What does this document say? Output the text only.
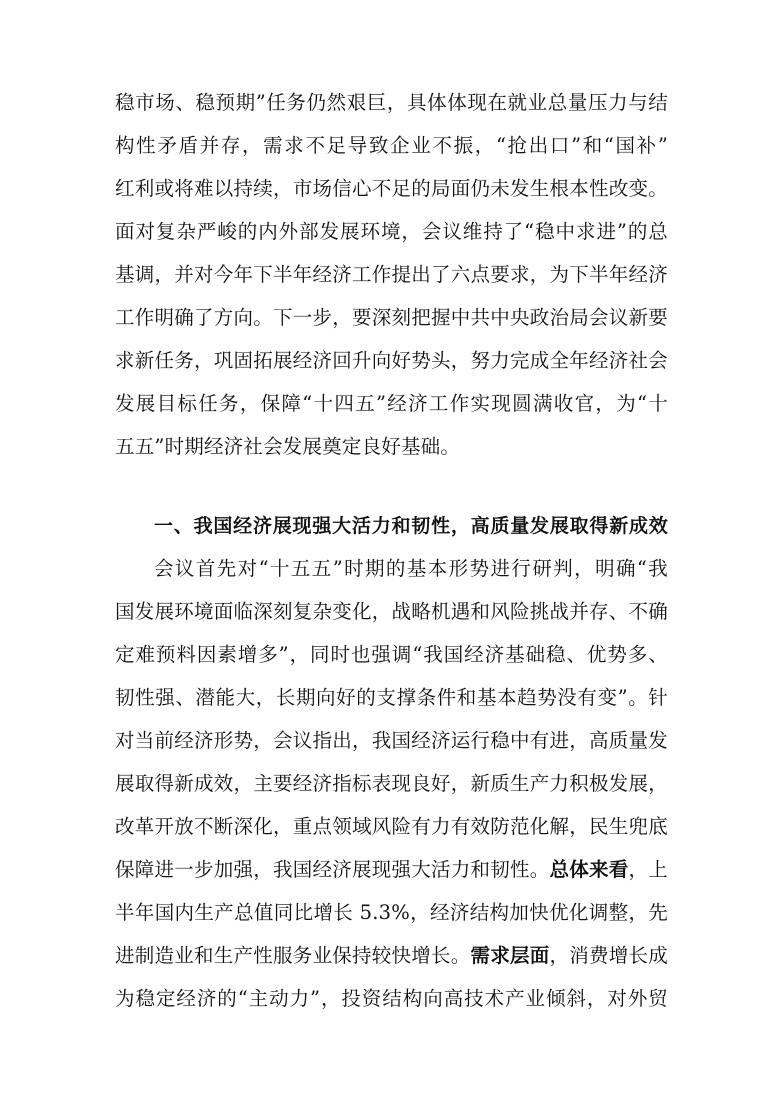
稳市场、稳预期”任务仍然艰巨，具体体现在就业总量压力与结
构性矛盾并存，需求不足导致企业不振，“抢出口”和“国补”
红利或将难以持续，市场信心不足的局面仍未发生根本性改变。
面对复杂严峻的内外部发展环境，会议维持了“稳中求进”的总
基调，并对今年下半年经济工作提出了六点要求，为下半年经济
工作明确了方向。下一步，要深刻把握中共中央政治局会议新要
求新任务，巩固拓展经济回升向好势头，努力完成全年经济社会
发展目标任务，保障“十四五”经济工作实现圆满收官，为“十
五五”时期经济社会发展奠定良好基础。
一、我国经济展现强大活力和韧性，高质量发展取得新成效
会议首先对“十五五”时期的基本形势进行研判，明确“我
国发展环境面临深刻复杂变化，战略机遇和风险挑战并存、不确
定难预料因素增多”，同时也强调“我国经济基础稳、优势多、
韧性强、潜能大，长期向好的支撑条件和基本趋势没有变”。针
对当前经济形势，会议指出，我国经济运行稳中有进，高质量发
展取得新成效，主要经济指标表现良好，新质生产力积极发展，
改革开放不断深化，重点领域风险有力有效防范化解，民生兜底
保障进一步加强，我国经济展现强大活力和韧性。总体来看，上
半年国内生产总值同比增长 5.3%，经济结构加快优化调整，先
进制造业和生产性服务业保持较快增长。需求层面，消费增长成
为稳定经济的“主动力”，投资结构向高技术产业倾斜，对外贸
